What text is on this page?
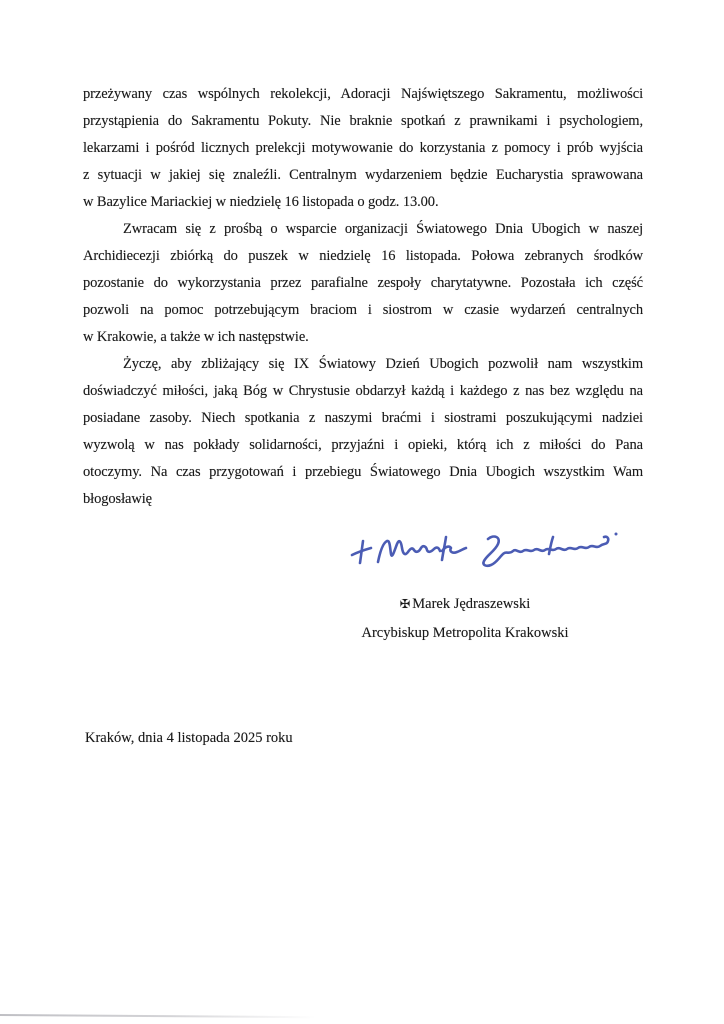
przeżywany czas wspólnych rekolekcji, Adoracji Najświętszego Sakramentu, możliwości
przystąpienia do Sakramentu Pokuty. Nie braknie spotkań z prawnikami i psychologiem,
lekarzami i pośród licznych prelekcji motywowanie do korzystania z pomocy i prób wyjścia
z sytuacji w jakiej się znaleźli. Centralnym wydarzeniem będzie Eucharystia sprawowana
w Bazylice Mariackiej w niedzielę 16 listopada o godz. 13.00.
Zwracam się z prośbą o wsparcie organizacji Światowego Dnia Ubogich w naszej
Archidiecezji zbiórką do puszek w niedzielę 16 listopada. Połowa zebranych środków
pozostanie do wykorzystania przez parafialne zespoły charytatywne. Pozostała ich część
pozwoli na pomoc potrzebującym braciom i siostrom w czasie wydarzeń centralnych
w Krakowie, a także w ich następstwie.
Życzę, aby zbliżający się IX Światowy Dzień Ubogich pozwolił nam wszystkim
doświadczyć miłości, jaką Bóg w Chrystusie obdarzył każdą i każdego z nas bez względu na
posiadane zasoby. Niech spotkania z naszymi braćmi i siostrami poszukującymi nadziei
wyzwolą w nas pokłady solidarności, przyjaźni i opieki, którą ich z miłości do Pana
otoczymy. Na czas przygotowań i przebiegu Światowego Dnia Ubogich wszystkim Wam
błogosławię
✠ Marek Jędraszewski
Arcybiskup Metropolita Krakowski
Kraków, dnia 4 listopada 2025 roku
